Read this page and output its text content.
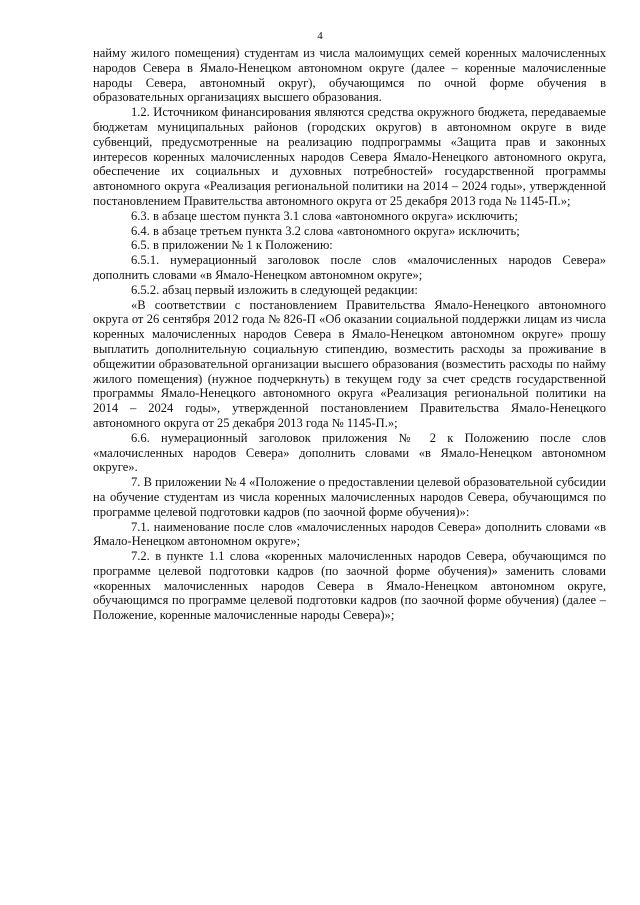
4

найму жилого помещения) студентам из числа малоимущих семей коренных малочисленных народов Севера в Ямало-Ненецком автономном округе (далее – коренные малочисленные народы Севера, автономный округ), обучающимся по очной форме обучения в образовательных организациях высшего образования.

1.2. Источником финансирования являются средства окружного бюджета, передаваемые бюджетам муниципальных районов (городских округов) в автономном округе в виде субвенций, предусмотренные на реализацию подпрограммы «Защита прав и законных интересов коренных малочисленных народов Севера Ямало-Ненецкого автономного округа, обеспечение их социальных и духовных потребностей» государственной программы автономного округа «Реализация региональной политики на 2014 – 2024 годы», утвержденной постановлением Правительства автономного округа от 25 декабря 2013 года № 1145-П.»;

6.3. в абзаце шестом пункта 3.1 слова «автономного округа» исключить;

6.4. в абзаце третьем пункта 3.2 слова «автономного округа» исключить;

6.5. в приложении № 1 к Положению:

6.5.1. нумерационный заголовок после слов «малочисленных народов Севера» дополнить словами «в Ямало-Ненецком автономном округе»;

6.5.2. абзац первый изложить в следующей редакции:

«В соответствии с постановлением Правительства Ямало-Ненецкого автономного округа от 26 сентября 2012 года № 826-П «Об оказании социальной поддержки лицам из числа коренных малочисленных народов Севера в Ямало-Ненецком автономном округе» прошу выплатить дополнительную социальную стипендию, возместить расходы за проживание в общежитии образовательной организации высшего образования (возместить расходы по найму жилого помещения) (нужное подчеркнуть) в текущем году за счет средств государственной программы Ямало-Ненецкого автономного округа «Реализация региональной политики на 2014 – 2024 годы», утвержденной постановлением Правительства Ямало-Ненецкого автономного округа от 25 декабря 2013 года № 1145-П.»;

6.6. нумерационный заголовок приложения № 2 к Положению после слов «малочисленных народов Севера» дополнить словами «в Ямало-Ненецком автономном округе».

7. В приложении № 4 «Положение о предоставлении целевой образовательной субсидии на обучение студентам из числа коренных малочисленных народов Севера, обучающимся по программе целевой подготовки кадров (по заочной форме обучения)»:

7.1. наименование после слов «малочисленных народов Севера» дополнить словами «в Ямало-Ненецком автономном округе»;

7.2. в пункте 1.1 слова «коренных малочисленных народов Севера, обучающимся по программе целевой подготовки кадров (по заочной форме обучения)» заменить словами «коренных малочисленных народов Севера в Ямало-Ненецком автономном округе, обучающимся по программе целевой подготовки кадров (по заочной форме обучения) (далее – Положение, коренные малочисленные народы Севера)»;
